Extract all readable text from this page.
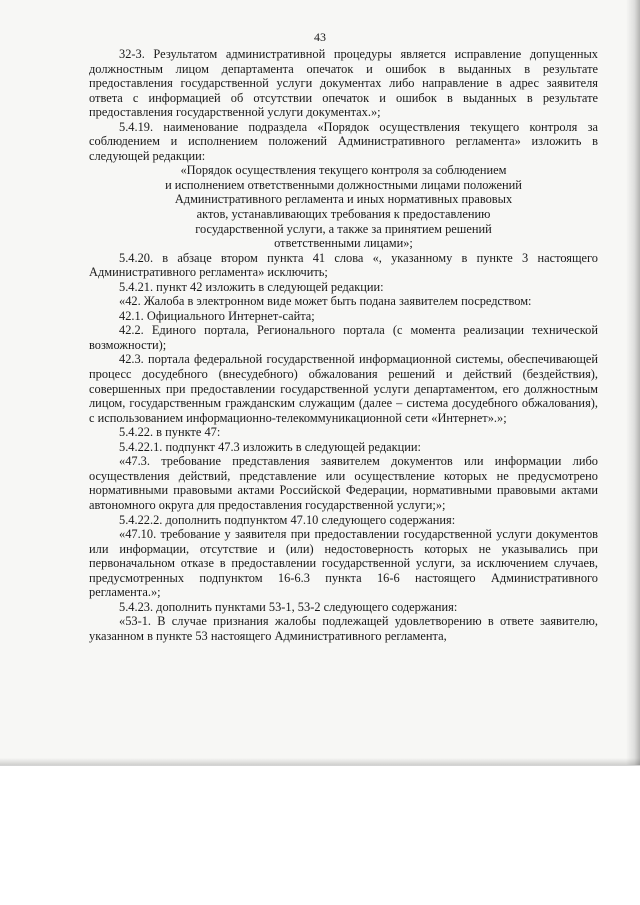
43

32-3. Результатом административной процедуры является исправление допущенных должностным лицом департамента опечаток и ошибок в выданных в результате предоставления государственной услуги документах либо направление в адрес заявителя ответа с информацией об отсутствии опечаток и ошибок в выданных в результате предоставления государственной услуги документах.»;

5.4.19. наименование подраздела «Порядок осуществления текущего контроля за соблюдением и исполнением положений Административного регламента» изложить в следующей редакции:

«Порядок осуществления текущего контроля за соблюдением
и исполнением ответственными должностными лицами положений
Административного регламента и иных нормативных правовых
актов, устанавливающих требования к предоставлению
государственной услуги, а также за принятием решений
ответственными лицами»;

5.4.20. в абзаце втором пункта 41 слова «, указанному в пункте 3 настоящего Административного регламента» исключить;

5.4.21. пункт 42 изложить в следующей редакции:

«42. Жалоба в электронном виде может быть подана заявителем посредством:

42.1. Официального Интернет-сайта;

42.2. Единого портала, Регионального портала (с момента реализации технической возможности);

42.3. портала федеральной государственной информационной системы, обеспечивающей процесс досудебного (внесудебного) обжалования решений и действий (бездействия), совершенных при предоставлении государственной услуги департаментом, его должностным лицом, государственным гражданским служащим (далее – система досудебного обжалования), с использованием информационно-телекоммуникационной сети «Интернет».»;

5.4.22. в пункте 47:

5.4.22.1. подпункт 47.3 изложить в следующей редакции:

«47.3. требование представления заявителем документов или информации либо осуществления действий, представление или осуществление которых не предусмотрено нормативными правовыми актами Российской Федерации, нормативными правовыми актами автономного округа для предоставления государственной услуги;»;

5.4.22.2. дополнить подпунктом 47.10 следующего содержания:

«47.10. требование у заявителя при предоставлении государственной услуги документов или информации, отсутствие и (или) недостоверность которых не указывались при первоначальном отказе в предоставлении государственной услуги, за исключением случаев, предусмотренных подпунктом 16-6.3 пункта 16-6 настоящего Административного регламента.»;

5.4.23. дополнить пунктами 53-1, 53-2 следующего содержания:

«53-1. В случае признания жалобы подлежащей удовлетворению в ответе заявителю, указанном в пункте 53 настоящего Административного регламента,
